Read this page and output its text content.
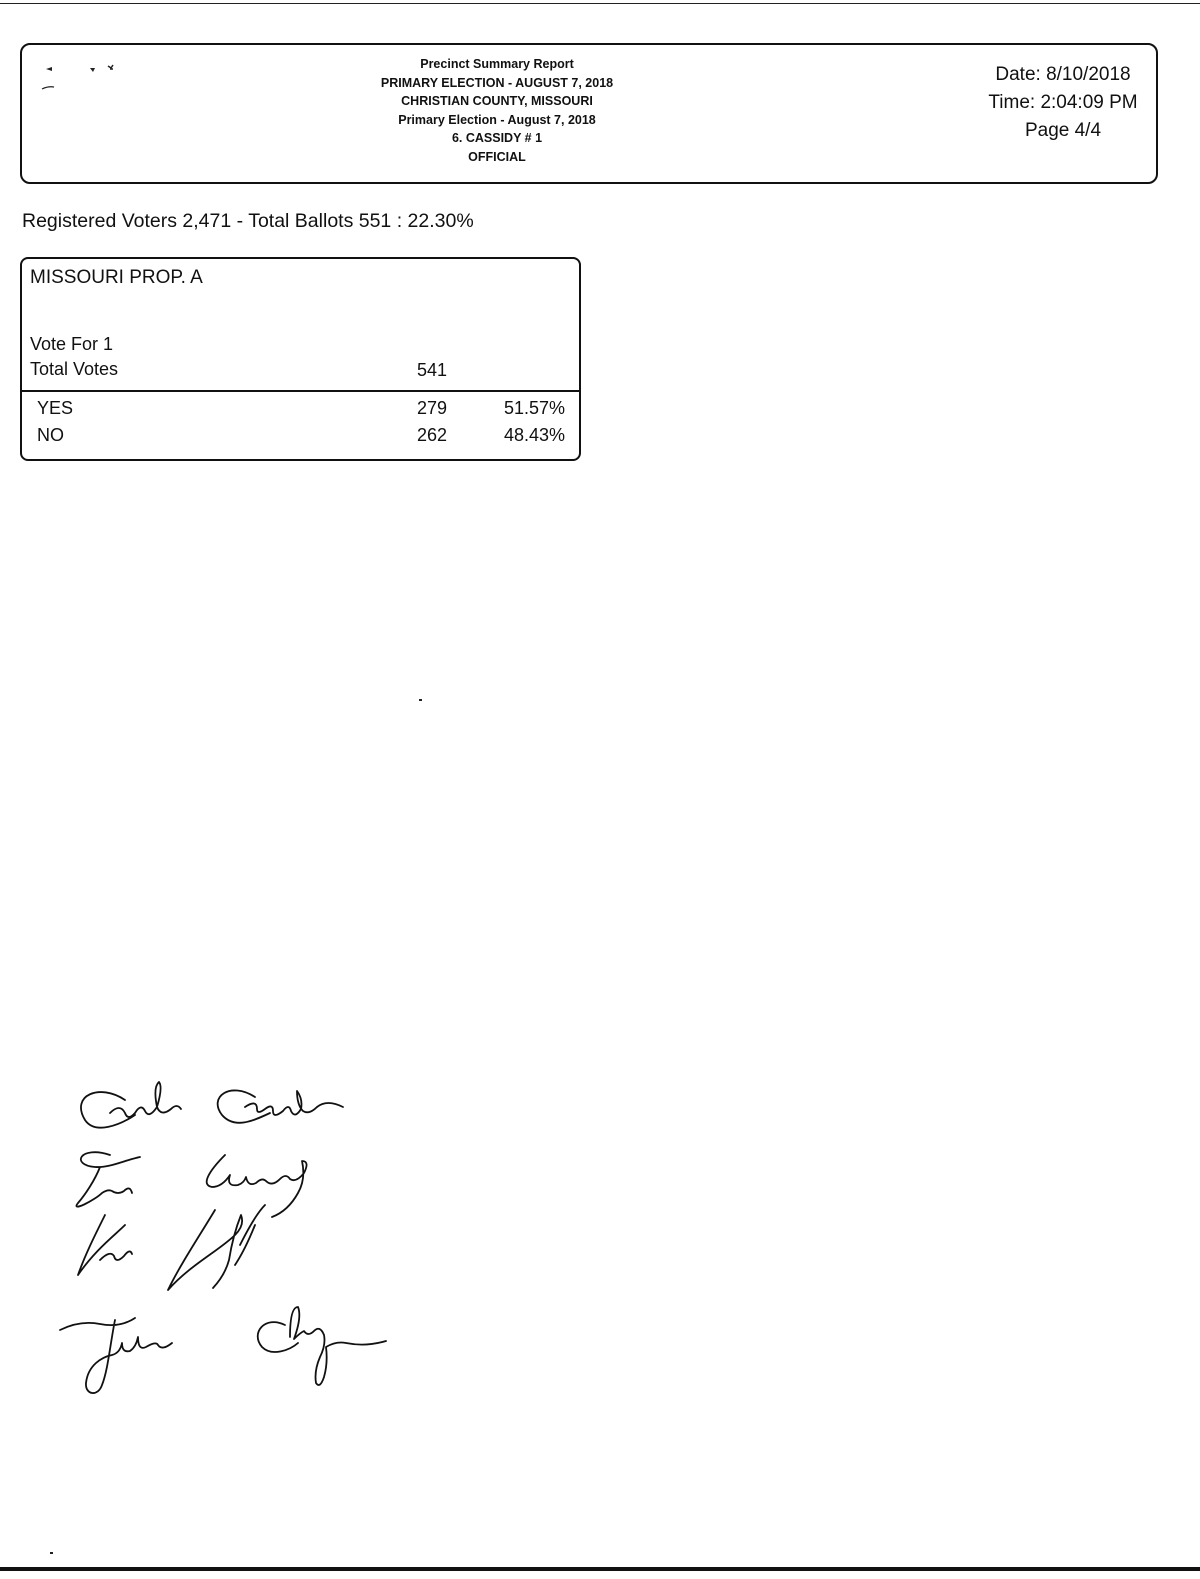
Precinct Summary Report
PRIMARY ELECTION - AUGUST 7, 2018
CHRISTIAN COUNTY, MISSOURI
Primary Election - August 7, 2018
6. CASSIDY # 1
OFFICIAL
Date: 8/10/2018
Time: 2:04:09 PM
Page 4/4
Registered Voters 2,471 - Total Ballots 551 : 22.30%
MISSOURI PROP. A
Vote For 1
Total Votes	541
YES	279	51.57%
NO	262	48.43%
